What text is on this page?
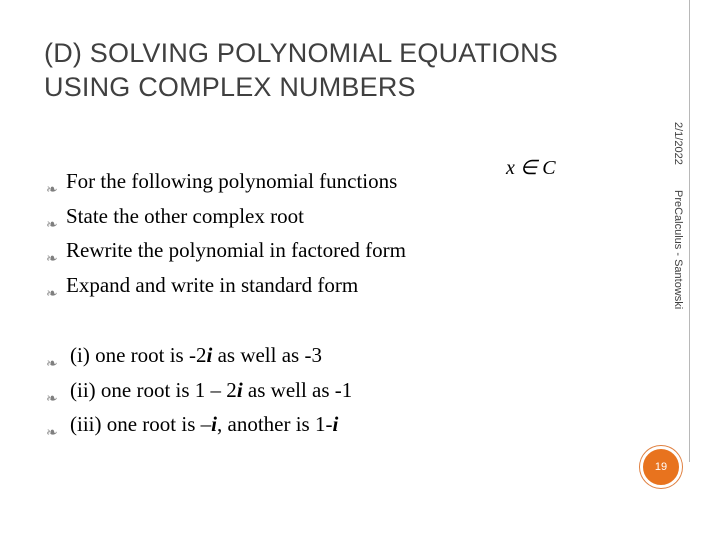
(D) SOLVING POLYNOMIAL EQUATIONS
USING COMPLEX NUMBERS
2/1/2022
PreCalculus - Santowski
x ∈ C
❧ For the following polynomial functions
❧ State the other complex root
❧ Rewrite the polynomial in factored form
❧ Expand and write in standard form
❧ (i) one root is -2i as well as -3
❧ (ii) one root is 1 – 2i as well as -1
❧ (iii) one root is –i, another is 1-i
19
